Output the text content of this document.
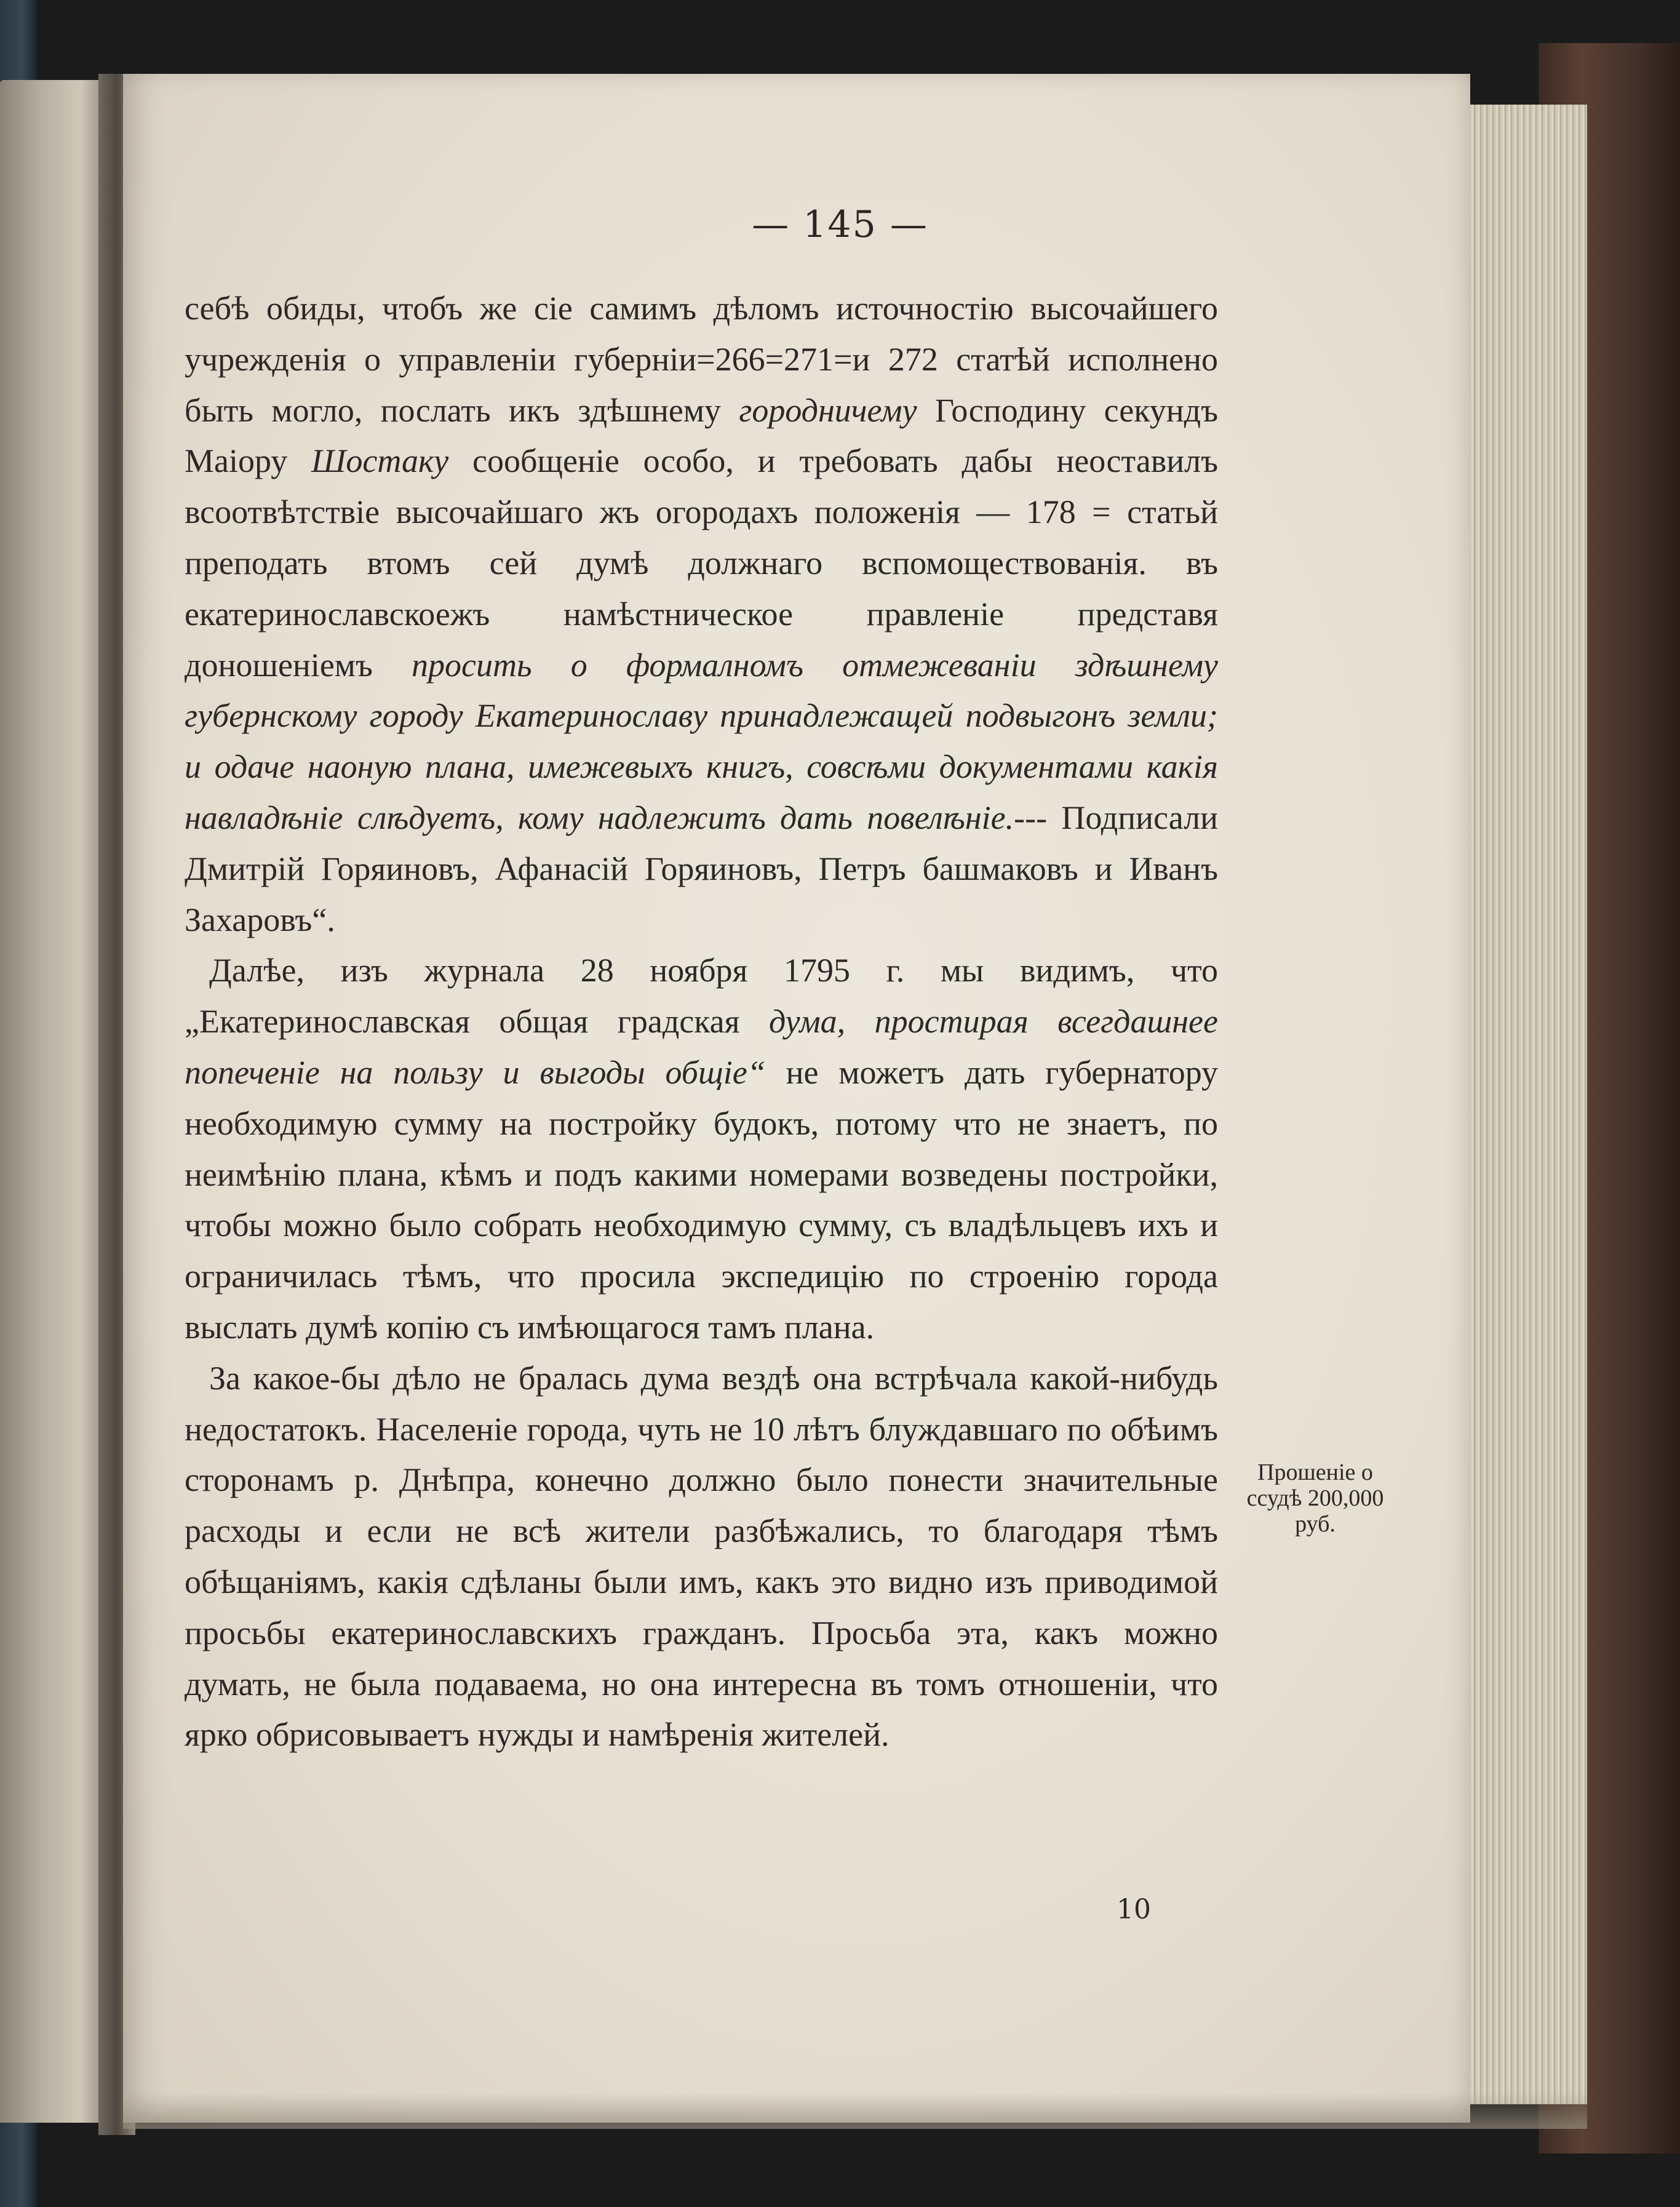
— 145 —

себѣ обиды, чтобъ же сіе самимъ дѣломъ источностію высочайшего учрежденія о управленіи губерніи=266=271=и 272 статѣй исполнено быть могло, послать икъ здѣшнему городничему Господину секундъ Маіору Шостаку сообщеніе особо, и требовать дабы неоставилъ всоотвѣтствіе высочайшаго жъ огородахъ положенія — 178 = статьй преподать втомъ сей думѣ должнаго вспомоществованія. въ екатеринославскоежъ намѣстническое правленіе представя доношеніемъ просить о формалномъ отмежеваніи здѣшнему губернскому городу Екатеринославу принадлежащей подвыгонъ земли; и одаче наоную плана, имежевыхъ книгъ, совсѣми документами какія навладѣніе слѣдуетъ, кому надлежитъ дать повелѣніе.--- Подписали Дмитрій Горяиновъ, Афанасій Горяиновъ, Петръ башмаковъ и Иванъ Захаровъ“.

Далѣе, изъ журнала 28 ноября 1795 г. мы видимъ, что „Екатеринославская общая градская дума, простирая всегдашнее попеченіе на пользу и выгоды общіе“ не можетъ дать губернатору необходимую сумму на постройку будокъ, потому что не знаетъ, по неимѣнію плана, кѣмъ и подъ какими номерами возведены постройки, чтобы можно было собрать необходимую сумму, съ владѣльцевъ ихъ и ограничилась тѣмъ, что просила экспедицію по строенію города выслать думѣ копію съ имѣющагося тамъ плана.

За какое-бы дѣло не бралась дума вездѣ она встрѣчала какой-нибудь недостатокъ. Населеніе города, чуть не 10 лѣтъ блуждавшаго по обѣимъ сторонамъ р. Днѣпра, конечно должно было понести значительные расходы и если не всѣ жители разбѣжались, то благодаря тѣмъ обѣщаніямъ, какія сдѣланы были имъ, какъ это видно изъ приводимой просьбы екатеринославскихъ гражданъ. Просьба эта, какъ можно думать, не была подаваема, но она интересна въ томъ отношеніи, что ярко обрисовываетъ нужды и намѣренія жителей.

Прошеніе о
ссудѣ 200,000
руб.
10
